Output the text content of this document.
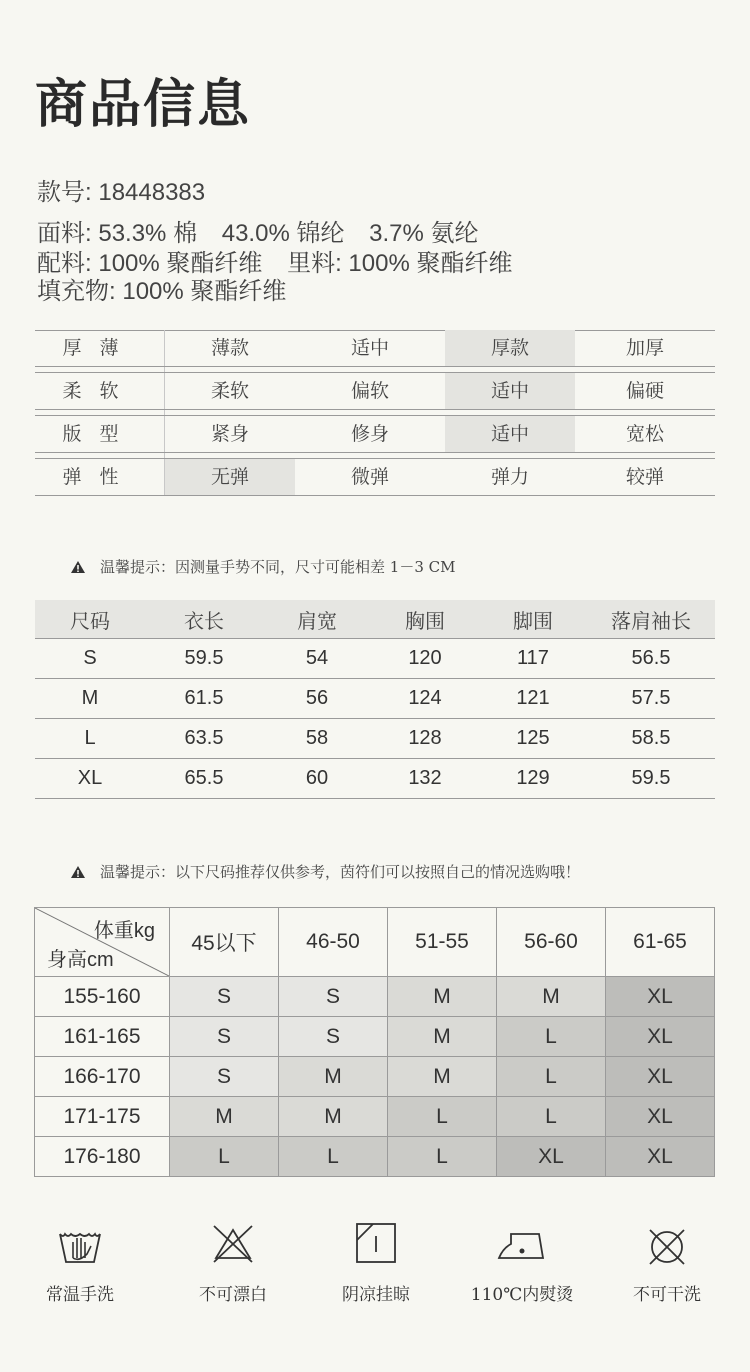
商品信息
款号: 18448383
面料: 53.3% 棉 43.0% 锦纶 3.7% 氨纶
配料: 100% 聚酯纤维 里料: 100% 聚酯纤维
填充物: 100% 聚酯纤维
厚薄	薄款	适中	厚款	加厚
柔软	柔软	偏软	适中	偏硬
版型	紧身	修身	适中	宽松
弹性	无弹	微弹	弹力	较弹
温馨提示：因测量手势不同，尺寸可能相差 1－3 CM
尺码	衣长	肩宽	胸围	脚围	落肩袖长
S	59.5	54	120	117	56.5
M	61.5	56	124	121	57.5
L	63.5	58	128	125	58.5
XL	65.5	60	132	129	59.5
温馨提示：以下尺码推荐仅供参考，茵符们可以按照自己的情况选购哦！
体重kg
身高cm	45以下	46-50	51-55	56-60	61-65
155-160	S	S	M	M	XL
161-165	S	S	M	L	XL
166-170	S	M	M	L	XL
171-175	M	M	L	L	XL
176-180	L	L	L	XL	XL
常温手洗	不可漂白	阴凉挂晾	110℃内熨烫	不可干洗
